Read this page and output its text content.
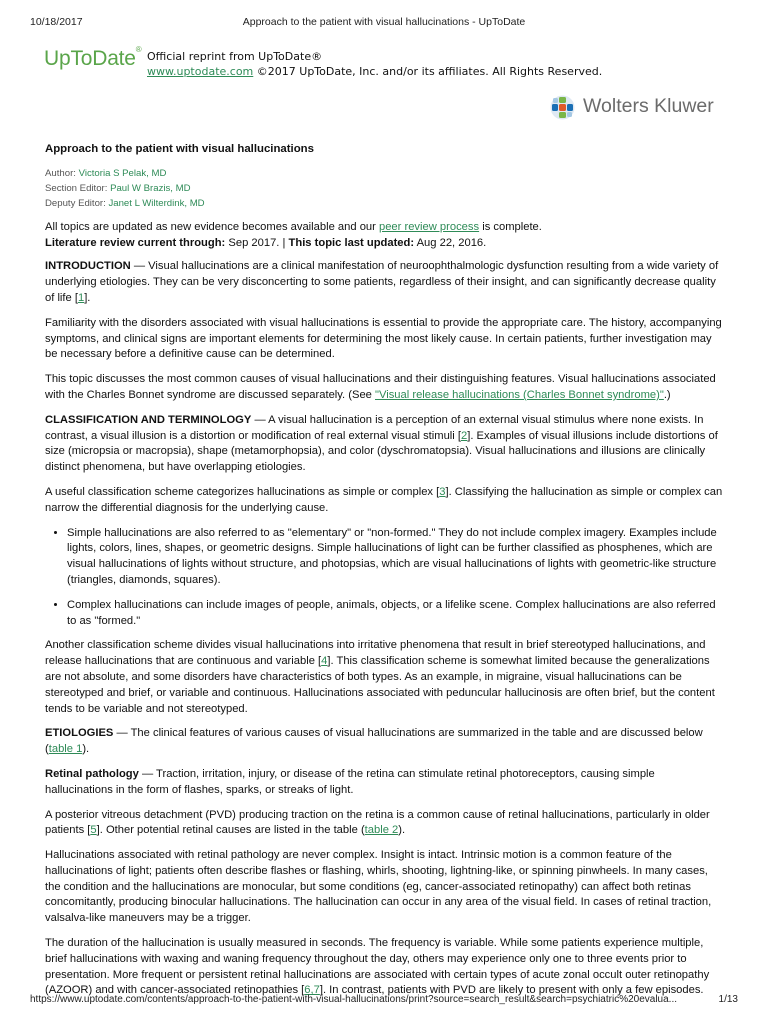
10/18/2017	Approach to the patient with visual hallucinations - UpToDate
UpToDate®
Official reprint from UpToDate®
www.uptodate.com ©2017 UpToDate, Inc. and/or its affiliates. All Rights Reserved.
Wolters Kluwer
Approach to the patient with visual hallucinations
Author: Victoria S Pelak, MD
Section Editor: Paul W Brazis, MD
Deputy Editor: Janet L Wilterdink, MD

All topics are updated as new evidence becomes available and our peer review process is complete.
Literature review current through: Sep 2017. | This topic last updated: Aug 22, 2016.

INTRODUCTION — Visual hallucinations are a clinical manifestation of neuroophthalmologic dysfunction resulting from a wide variety of underlying etiologies. They can be very disconcerting to some patients, regardless of their insight, and can significantly decrease quality of life [1].

Familiarity with the disorders associated with visual hallucinations is essential to provide the appropriate care. The history, accompanying symptoms, and clinical signs are important elements for determining the most likely cause. In certain patients, further investigation may be necessary before a definitive cause can be determined.

This topic discusses the most common causes of visual hallucinations and their distinguishing features. Visual hallucinations associated with the Charles Bonnet syndrome are discussed separately. (See "Visual release hallucinations (Charles Bonnet syndrome)".)

CLASSIFICATION AND TERMINOLOGY — A visual hallucination is a perception of an external visual stimulus where none exists. In contrast, a visual illusion is a distortion or modification of real external visual stimuli [2]. Examples of visual illusions include distortions of size (micropsia or macropsia), shape (metamorphopsia), and color (dyschromatopsia). Visual hallucinations and illusions are clinically distinct phenomena, but have overlapping etiologies.

A useful classification scheme categorizes hallucinations as simple or complex [3]. Classifying the hallucination as simple or complex can narrow the differential diagnosis for the underlying cause.

• Simple hallucinations are also referred to as "elementary" or "non-formed." They do not include complex imagery. Examples include lights, colors, lines, shapes, or geometric designs. Simple hallucinations of light can be further classified as phosphenes, which are visual hallucinations of lights without structure, and photopsias, which are visual hallucinations of lights with geometric-like structure (triangles, diamonds, squares).
• Complex hallucinations can include images of people, animals, objects, or a lifelike scene. Complex hallucinations are also referred to as "formed."

Another classification scheme divides visual hallucinations into irritative phenomena that result in brief stereotyped hallucinations, and release hallucinations that are continuous and variable [4]. This classification scheme is somewhat limited because the generalizations are not absolute, and some disorders have characteristics of both types. As an example, in migraine, visual hallucinations can be stereotyped and brief, or variable and continuous. Hallucinations associated with peduncular hallucinosis are often brief, but the content tends to be variable and not stereotyped.

ETIOLOGIES — The clinical features of various causes of visual hallucinations are summarized in the table and are discussed below (table 1).

Retinal pathology — Traction, irritation, injury, or disease of the retina can stimulate retinal photoreceptors, causing simple hallucinations in the form of flashes, sparks, or streaks of light.

A posterior vitreous detachment (PVD) producing traction on the retina is a common cause of retinal hallucinations, particularly in older patients [5]. Other potential retinal causes are listed in the table (table 2).

Hallucinations associated with retinal pathology are never complex. Insight is intact. Intrinsic motion is a common feature of the hallucinations of light; patients often describe flashes or flashing, whirls, shooting, lightning-like, or spinning pinwheels. In many cases, the condition and the hallucinations are monocular, but some conditions (eg, cancer-associated retinopathy) can affect both retinas concomitantly, producing binocular hallucinations. The hallucination can occur in any area of the visual field. In cases of retinal traction, valsalva-like maneuvers may be a trigger.

The duration of the hallucination is usually measured in seconds. The frequency is variable. While some patients experience multiple, brief hallucinations with waxing and waning frequency throughout the day, others may experience only one to three events prior to presentation. More frequent or persistent retinal hallucinations are associated with certain types of acute zonal occult outer retinopathy (AZOOR) and with cancer-associated retinopathies [6,7]. In contrast, patients with PVD are likely to present with only a few episodes.

https://www.uptodate.com/contents/approach-to-the-patient-with-visual-hallucinations/print?source=search_result&search=psychiatric%20evalua...	1/13
